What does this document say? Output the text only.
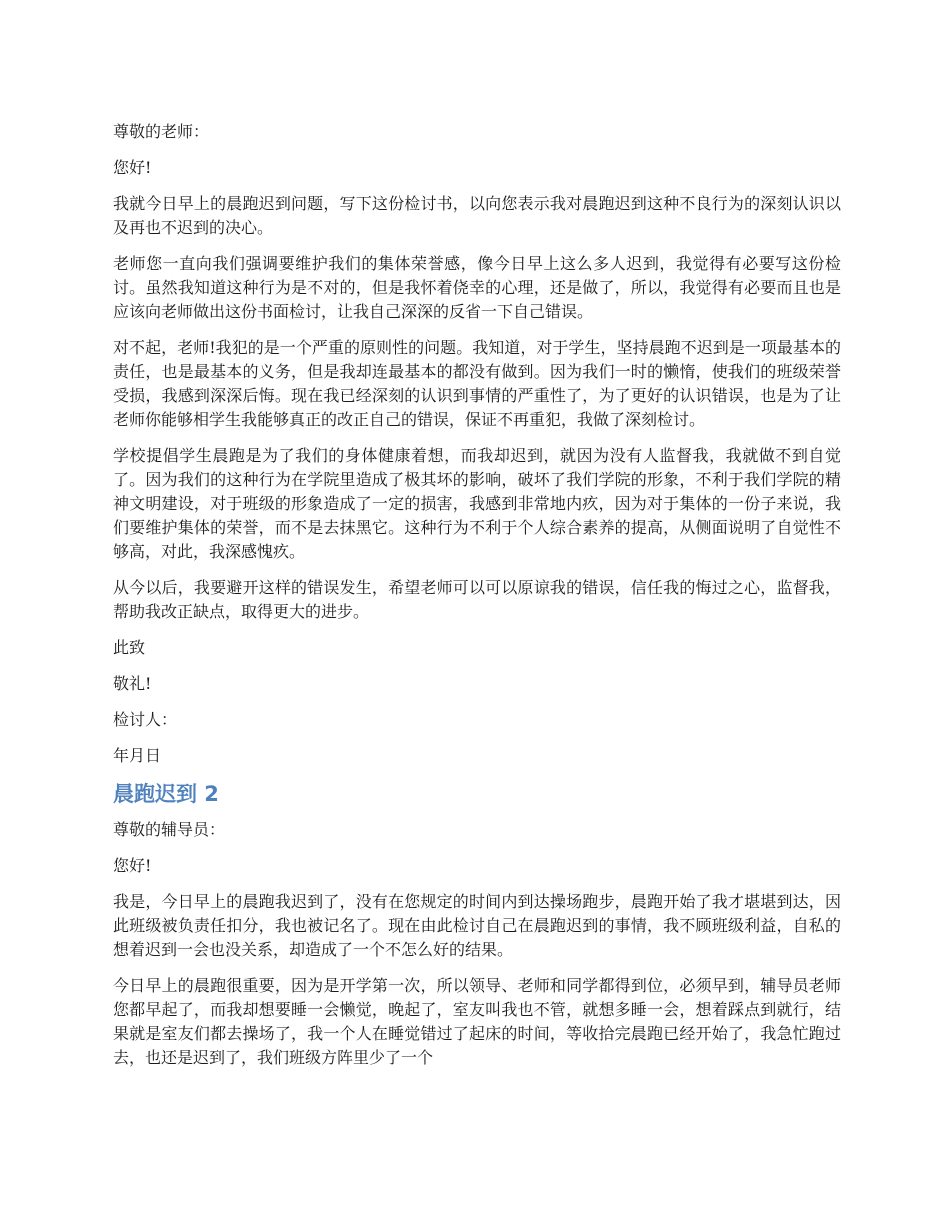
尊敬的老师：

您好!

我就今日早上的晨跑迟到问题，写下这份检讨书，以向您表示我对晨跑迟到这种不良行为的深刻认识以及再也不迟到的决心。

老师您一直向我们强调要维护我们的集体荣誉感，像今日早上这么多人迟到，我觉得有必要写这份检讨。虽然我知道这种行为是不对的，但是我怀着侥幸的心理，还是做了，所以，我觉得有必要而且也是应该向老师做出这份书面检讨，让我自己深深的反省一下自己错误。

对不起，老师!我犯的是一个严重的原则性的问题。我知道，对于学生，坚持晨跑不迟到是一项最基本的责任，也是最基本的义务，但是我却连最基本的都没有做到。因为我们一时的懒惰，使我们的班级荣誉受损，我感到深深后悔。现在我已经深刻的认识到事情的严重性了，为了更好的认识错误，也是为了让老师你能够相学生我能够真正的改正自己的错误，保证不再重犯，我做了深刻检讨。

学校提倡学生晨跑是为了我们的身体健康着想，而我却迟到，就因为没有人监督我，我就做不到自觉了。因为我们的这种行为在学院里造成了极其坏的影响，破坏了我们学院的形象，不利于我们学院的精神文明建设，对于班级的形象造成了一定的损害，我感到非常地内疚，因为对于集体的一份子来说，我们要维护集体的荣誉，而不是去抹黑它。这种行为不利于个人综合素养的提高，从侧面说明了自觉性不够高，对此，我深感愧疚。

从今以后，我要避开这样的错误发生，希望老师可以可以原谅我的错误，信任我的悔过之心，监督我，帮助我改正缺点，取得更大的进步。

此致

敬礼!

检讨人：

年月日

晨跑迟到 2

尊敬的辅导员：

您好!

我是，今日早上的晨跑我迟到了，没有在您规定的时间内到达操场跑步，晨跑开始了我才堪堪到达，因此班级被负责任扣分，我也被记名了。现在由此检讨自己在晨跑迟到的事情，我不顾班级利益，自私的想着迟到一会也没关系，却造成了一个不怎么好的结果。

今日早上的晨跑很重要，因为是开学第一次，所以领导、老师和同学都得到位，必须早到，辅导员老师您都早起了，而我却想要睡一会懒觉，晚起了，室友叫我也不管，就想多睡一会，想着踩点到就行，结果就是室友们都去操场了，我一个人在睡觉错过了起床的时间，等收拾完晨跑已经开始了，我急忙跑过去，也还是迟到了，我们班级方阵里少了一个
